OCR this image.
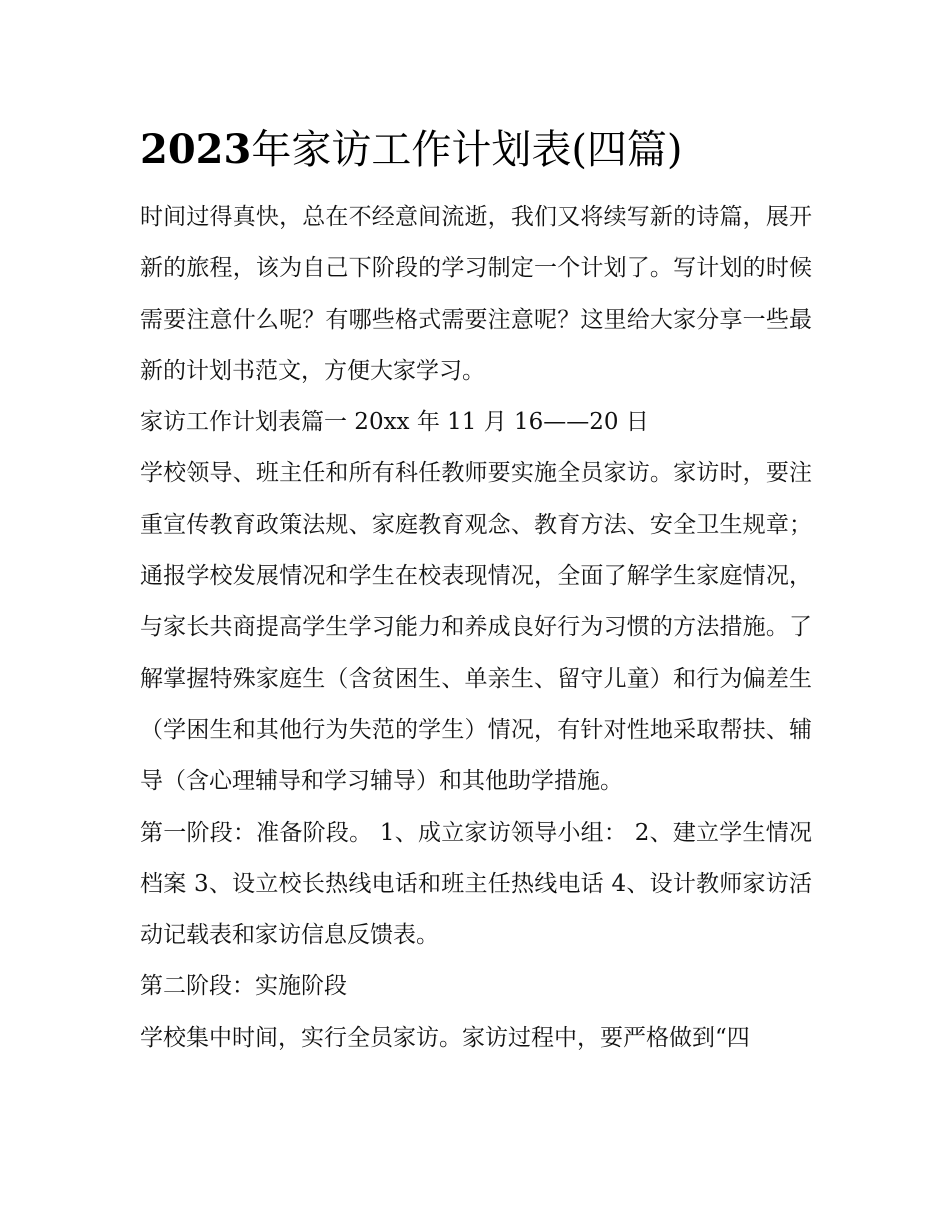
2023年家访工作计划表(四篇)

时间过得真快，总在不经意间流逝，我们又将续写新的诗篇，展开新的旅程，该为自己下阶段的学习制定一个计划了。写计划的时候需要注意什么呢？有哪些格式需要注意呢？这里给大家分享一些最新的计划书范文，方便大家学习。

家访工作计划表篇一 20xx 年 11 月 16——20 日

学校领导、班主任和所有科任教师要实施全员家访。家访时，要注重宣传教育政策法规、家庭教育观念、教育方法、安全卫生规章；通报学校发展情况和学生在校表现情况，全面了解学生家庭情况，与家长共商提高学生学习能力和养成良好行为习惯的方法措施。了解掌握特殊家庭生（含贫困生、单亲生、留守儿童）和行为偏差生（学困生和其他行为失范的学生）情况，有针对性地采取帮扶、辅导（含心理辅导和学习辅导）和其他助学措施。

第一阶段：准备阶段。 1、成立家访领导小组： 2、建立学生情况档案 3、设立校长热线电话和班主任热线电话 4、设计教师家访活动记载表和家访信息反馈表。

第二阶段：实施阶段

学校集中时间，实行全员家访。家访过程中，要严格做到“四
